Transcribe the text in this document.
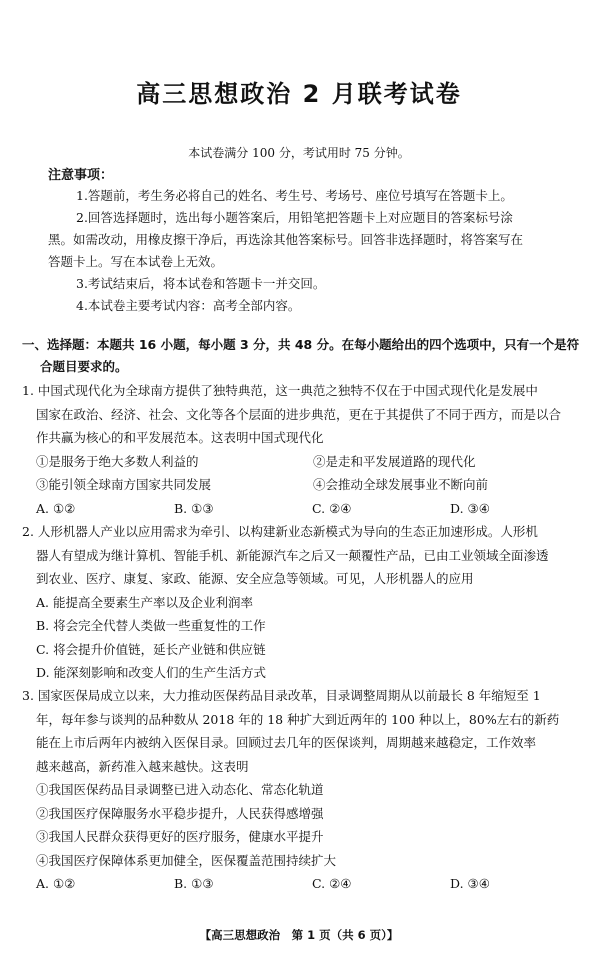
高三思想政治 2 月联考试卷
本试卷满分 100 分，考试用时 75 分钟。
注意事项：

1.答题前，考生务必将自己的姓名、考生号、考场号、座位号填写在答题卡上。

2.回答选择题时，选出每小题答案后，用铅笔把答题卡上对应题目的答案标号涂

黑。如需改动，用橡皮擦干净后，再选涂其他答案标号。回答非选择题时，将答案写在

答题卡上。写在本试卷上无效。

3.考试结束后，将本试卷和答题卡一并交回。

4.本试卷主要考试内容：高考全部内容。

一、选择题：本题共 16 小题，每小题 3 分，共 48 分。在每小题给出的四个选项中，只有一个是符
合题目要求的。

1. 中国式现代化为全球南方提供了独特典范，这一典范之独特不仅在于中国式现代化是发展中

国家在政治、经济、社会、文化等各个层面的进步典范，更在于其提供了不同于西方，而是以合

作共赢为核心的和平发展范本。这表明中国式现代化

①是服务于绝大多数人利益的	②是走和平发展道路的现代化
③能引领全球南方国家共同发展	④会推动全球发展事业不断向前
A. ①②	B. ①③	C. ②④	D. ③④

2. 人形机器人产业以应用需求为牵引、以构建新业态新模式为导向的生态正加速形成。人形机

器人有望成为继计算机、智能手机、新能源汽车之后又一颠覆性产品，已由工业领域全面渗透

到农业、医疗、康复、家政、能源、安全应急等领域。可见，人形机器人的应用

A. 能提高全要素生产率以及企业利润率

B. 将会完全代替人类做一些重复性的工作

C. 将会提升价值链，延长产业链和供应链

D. 能深刻影响和改变人们的生产生活方式

3. 国家医保局成立以来，大力推动医保药品目录改革，目录调整周期从以前最长 8 年缩短至 1

年，每年参与谈判的品种数从 2018 年的 18 种扩大到近两年的 100 种以上，80%左右的新药

能在上市后两年内被纳入医保目录。回顾过去几年的医保谈判，周期越来越稳定，工作效率

越来越高，新药准入越来越快。这表明

①我国医保药品目录调整已进入动态化、常态化轨道

②我国医疗保障服务水平稳步提升，人民获得感增强

③我国人民群众获得更好的医疗服务，健康水平提升

④我国医疗保障体系更加健全，医保覆盖范围持续扩大

A. ①②	B. ①③	C. ②④	D. ③④
【高三思想政治　第 1 页（共 6 页）】
